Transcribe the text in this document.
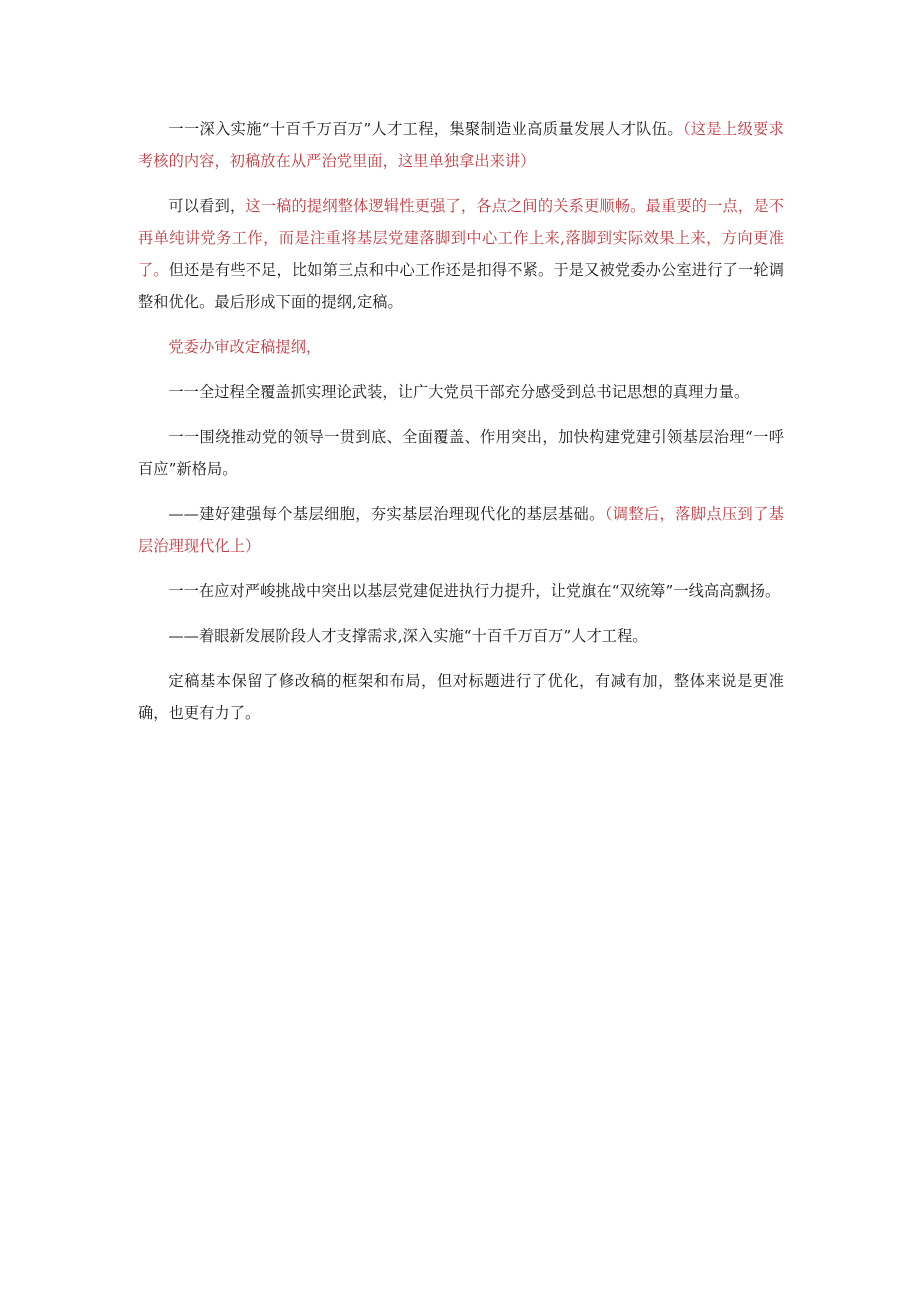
一一深入实施“十百千万百万”人才工程，集聚制造业高质量发展人才队伍。（这是上级要求考核的内容，初稿放在从严治党里面，这里单独拿出来讲）

可以看到，这一稿的提纲整体逻辑性更强了，各点之间的关系更顺畅。最重要的一点，是不再单纯讲党务工作，而是注重将基层党建落脚到中心工作上来,落脚到实际效果上来，方向更准了。但还是有些不足，比如第三点和中心工作还是扣得不紧。于是又被党委办公室进行了一轮调整和优化。最后形成下面的提纲,定稿。

党委办审改定稿提纲，

一一全过程全覆盖抓实理论武装，让广大党员干部充分感受到总书记思想的真理力量。

一一围绕推动党的领导一贯到底、全面覆盖、作用突出，加快构建党建引领基层治理“一呼百应”新格局。

——建好建强每个基层细胞，夯实基层治理现代化的基层基础。（调整后，落脚点压到了基层治理现代化上）

一一在应对严峻挑战中突出以基层党建促进执行力提升，让党旗在“双统筹”一线高高飘扬。

——着眼新发展阶段人才支撑需求,深入实施“十百千万百万”人才工程。

定稿基本保留了修改稿的框架和布局，但对标题进行了优化，有减有加，整体来说是更准确，也更有力了。
